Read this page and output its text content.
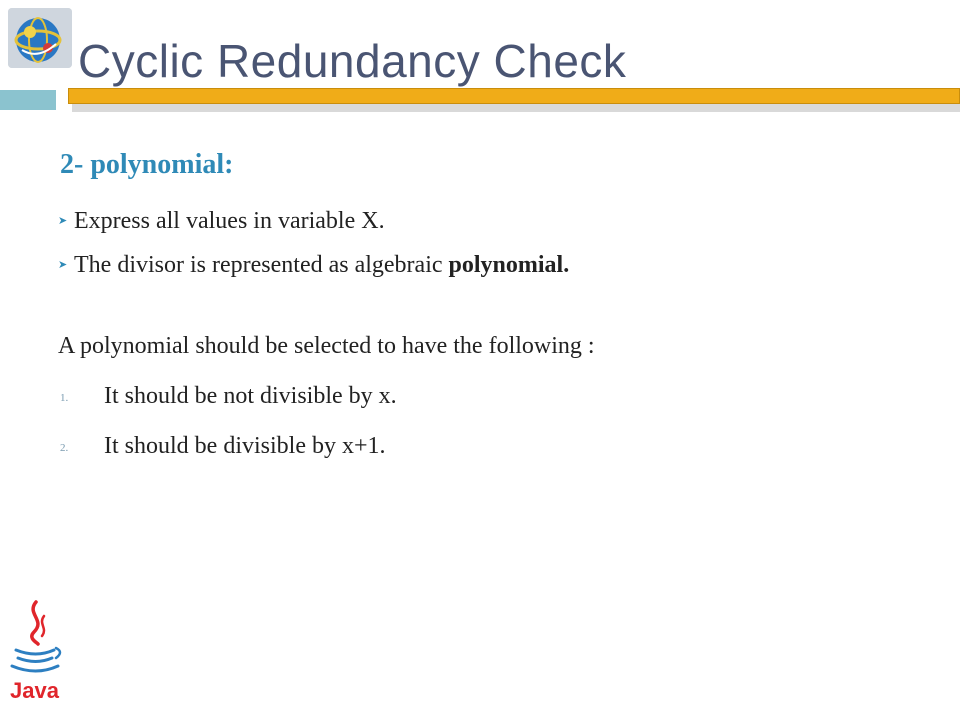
Cyclic Redundancy Check
2- polynomial:
➤ Express all values in variable X.
➤ The divisor is represented as algebraic polynomial.
A polynomial should be selected to have the following :
1. It should be not divisible by x.
2. It should be divisible by x+1.
Java
